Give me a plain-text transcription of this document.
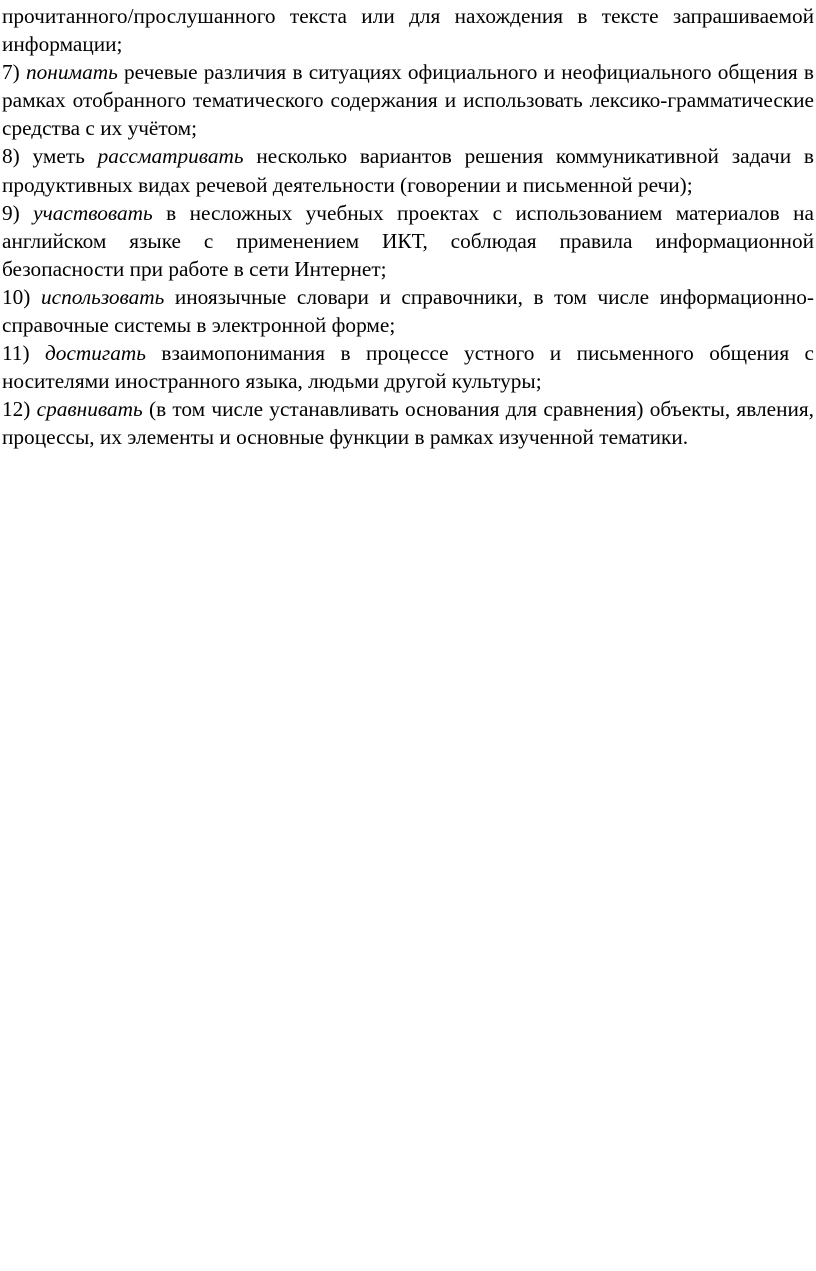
прочитанного/прослушанного текста или для нахождения в тексте запрашиваемой информации;

7) понимать речевые различия в ситуациях официального и неофициального общения в рамках отобранного тематического содержания и использовать лексико-грамматические средства с их учётом;

8) уметь рассматривать несколько вариантов решения коммуникативной задачи в продуктивных видах речевой деятельности (говорении и письменной речи);

9) участвовать в несложных учебных проектах с использованием материалов на английском языке с применением ИКТ, соблюдая правила информационной безопасности при работе в сети Интернет;

10) использовать иноязычные словари и справочники, в том числе информационно-справочные системы в электронной форме;

11) достигать взаимопонимания в процессе устного и письменного общения с носителями иностранного языка, людьми другой культуры;

12) сравнивать (в том числе устанавливать основания для сравнения) объекты, явления, процессы, их элементы и основные функции в рамках изученной тематики.
